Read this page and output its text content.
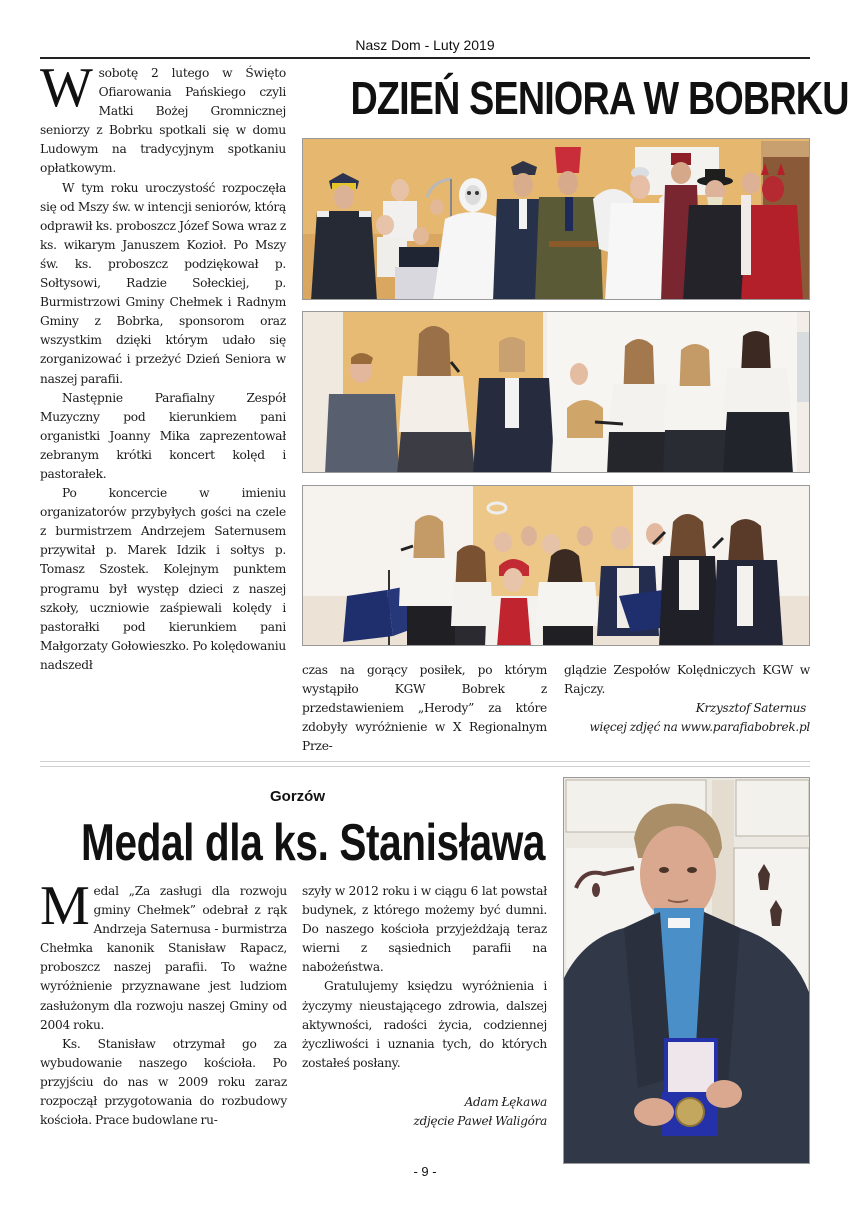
Nasz Dom - Luty 2019
DZIEŃ SENIORA W BOBRKU

W sobotę 2 lutego w Święto Ofiarowania Pańskiego czyli Matki Bożej Gromnicznej seniorzy z Bobrku spotkali się w domu Ludowym na tradycyjnym spotkaniu opłatkowym.

W tym roku uroczystość rozpoczęła się od Mszy św. w intencji seniorów, którą odprawił ks. proboszcz Józef Sowa wraz z ks. wikarym Januszem Kozioł. Po Mszy św. ks. proboszcz podziękował p. Sołtysowi, Radzie Sołeckiej, p. Burmistrzowi Gminy Chełmek i Radnym Gminy z Bobrka, sponsorom oraz wszystkim dzięki którym udało się zorganizować i przeżyć Dzień Seniora w naszej parafii.

Następnie Parafialny Zespół Muzyczny pod kierunkiem pani organistki Joanny Mika zaprezentował zebranym krótki koncert kolęd i pastorałek.

Po koncercie w imieniu organizatorów przybyłych gości na czele z burmistrzem Andrzejem Saternusem przywitał p. Marek Idzik i sołtys p. Tomasz Szostek. Kolejnym punktem programu był występ dzieci z naszej szkoły, uczniowie zaśpiewali kolędy i pastorałki pod kierunkiem pani Małgorzaty Gołowieszko. Po kolędowaniu nadszedł	czas na gorący posiłek, po którym wystąpiło KGW Bobrek z przedstawieniem „Herody” za które zdobyły wyróżnienie w X Regionalnym Prze-

glądzie Zespołów Kolędniczych KGW w Rajczy.

Krzysztof Saternus

więcej zdjęć na www.parafiabobrek.pl

Gorzów
Medal dla ks. Stanisława

Medal „Za zasługi dla rozwoju gminy Chełmek” odebrał z rąk Andrzeja Saternusa - burmistrza Chełmka kanonik Stanisław Rapacz, proboszcz naszej parafii. To ważne wyróżnienie przyznawane jest ludziom zasłużonym dla rozwoju naszej Gminy od 2004 roku.

Ks. Stanisław otrzymał go za wybudowanie naszego kościoła. Po przyjściu do nas w 2009 roku zaraz rozpoczął przygotowania do rozbudowy kościoła. Prace budowlane ru-

szyły w 2012 roku i w ciągu 6 lat powstał budynek, z którego możemy być dumni. Do naszego kościoła przyjeżdżają teraz wierni z sąsiednich parafii na nabożeństwa.

Gratulujemy księdzu wyróżnienia i życzymy nieustającego zdrowia, dalszej aktywności, radości życia, codziennej życzliwości i uznania tych, do których zostałeś posłany.

Adam Łękawa

zdjęcie Paweł Waligóra

- 9 -
